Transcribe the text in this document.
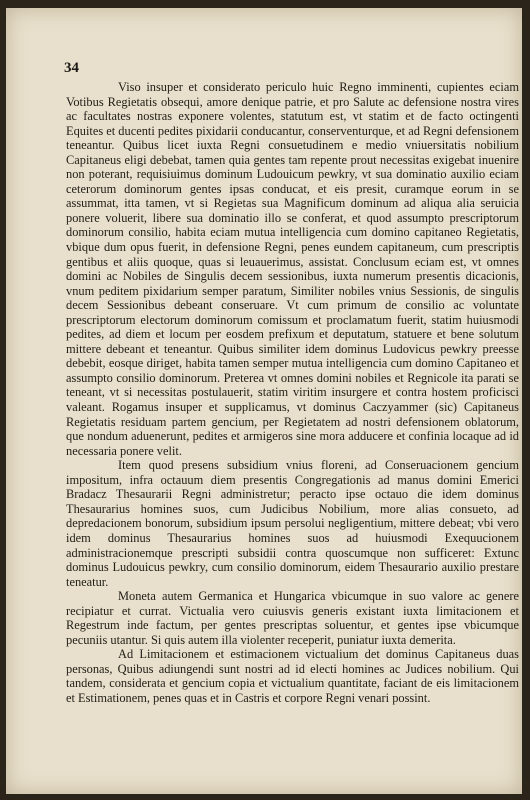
34

Viso insuper et considerato periculo huic Regno imminenti, cupientes eciam Votibus Regietatis obsequi, amore denique patrie, et pro Salute ac defensione nostra vires ac facultates nostras exponere volentes, statutum est, vt statim et de facto octingenti Equites et ducenti pedites pixidarii conducantur, conserventurque, et ad Regni defensionem teneantur. Quibus licet iuxta Regni consuetudinem e medio vniuersitatis nobilium Capitaneus eligi debebat, tamen quia gentes tam repente prout necessitas exigebat inuenire non poterant, requisiuimus dominum Ludouicum pewkry, vt sua dominatio auxilio eciam ceterorum dominorum gentes ipsas conducat, et eis presit, curamque eorum in se assummat, itta tamen, vt si Regietas sua Magnificum dominum ad aliqua alia seruicia ponere voluerit, libere sua dominatio illo se conferat, et quod assumpto prescriptorum dominorum consilio, habita eciam mutua intelligencia cum domino capitaneo Regietatis, vbique dum opus fuerit, in defensione Regni, penes eundem capitaneum, cum prescriptis gentibus et aliis quoque, quas si leuauerimus, assistat. Conclusum eciam est, vt omnes domini ac Nobiles de Singulis decem sessionibus, iuxta numerum presentis dicacionis, vnum peditem pixidarium semper paratum, Similiter nobiles vnius Sessionis, de singulis decem Sessionibus debeant conseruare. Vt cum primum de consilio ac voluntate prescriptorum electorum dominorum comissum et proclamatum fuerit, statim huiusmodi pedites, ad diem et locum per eosdem prefixum et deputatum, statuere et bene solutum mittere debeant et teneantur. Quibus similiter idem dominus Ludovicus pewkry preesse debebit, eosque diriget, habita tamen semper mutua intelligencia cum domino Capitaneo et assumpto consilio dominorum. Preterea vt omnes domini nobiles et Regnicole ita parati se teneant, vt si necessitas postulauerit, statim viritim insurgere et contra hostem proficisci valeant. Rogamus insuper et supplicamus, vt dominus Caczyammer (sic) Capitaneus Regietatis residuam partem gencium, per Regietatem ad nostri defensionem oblatorum, que nondum aduenerunt, pedites et armigeros sine mora adducere et confinia locaque ad id necessaria ponere velit.

Item quod presens subsidium vnius floreni, ad Conseruacionem gencium impositum, infra octauum diem presentis Congregationis ad manus domini Emerici Bradacz Thesaurarii Regni administretur; peracto ipse octauo die idem dominus Thesaurarius homines suos, cum Judicibus Nobilium, more alias consueto, ad depredacionem bonorum, subsidium ipsum persolui negligentium, mittere debeat; vbi vero idem dominus Thesaurarius homines suos ad huiusmodi Exequucionem administracionemque prescripti subsidii contra quoscumque non sufficeret: Extunc dominus Ludouicus pewkry, cum consilio dominorum, eidem Thesaurario auxilio prestare teneatur.

Moneta autem Germanica et Hungarica vbicumque in suo valore ac genere recipiatur et currat. Victualia vero cuiusvis generis existant iuxta limitacionem et Regestrum inde factum, per gentes prescriptas soluentur, et gentes ipse vbicumque pecuniis utantur. Si quis autem illa violenter receperit, puniatur iuxta demerita.

Ad Limitacionem et estimacionem victualium det dominus Capitaneus duas personas, Quibus adiungendi sunt nostri ad id electi homines ac Judices nobilium. Qui tandem, considerata et gencium copia et victualium quantitate, faciant de eis limitacionem et Estimationem, penes quas et in Castris et corpore Regni venari possint.
